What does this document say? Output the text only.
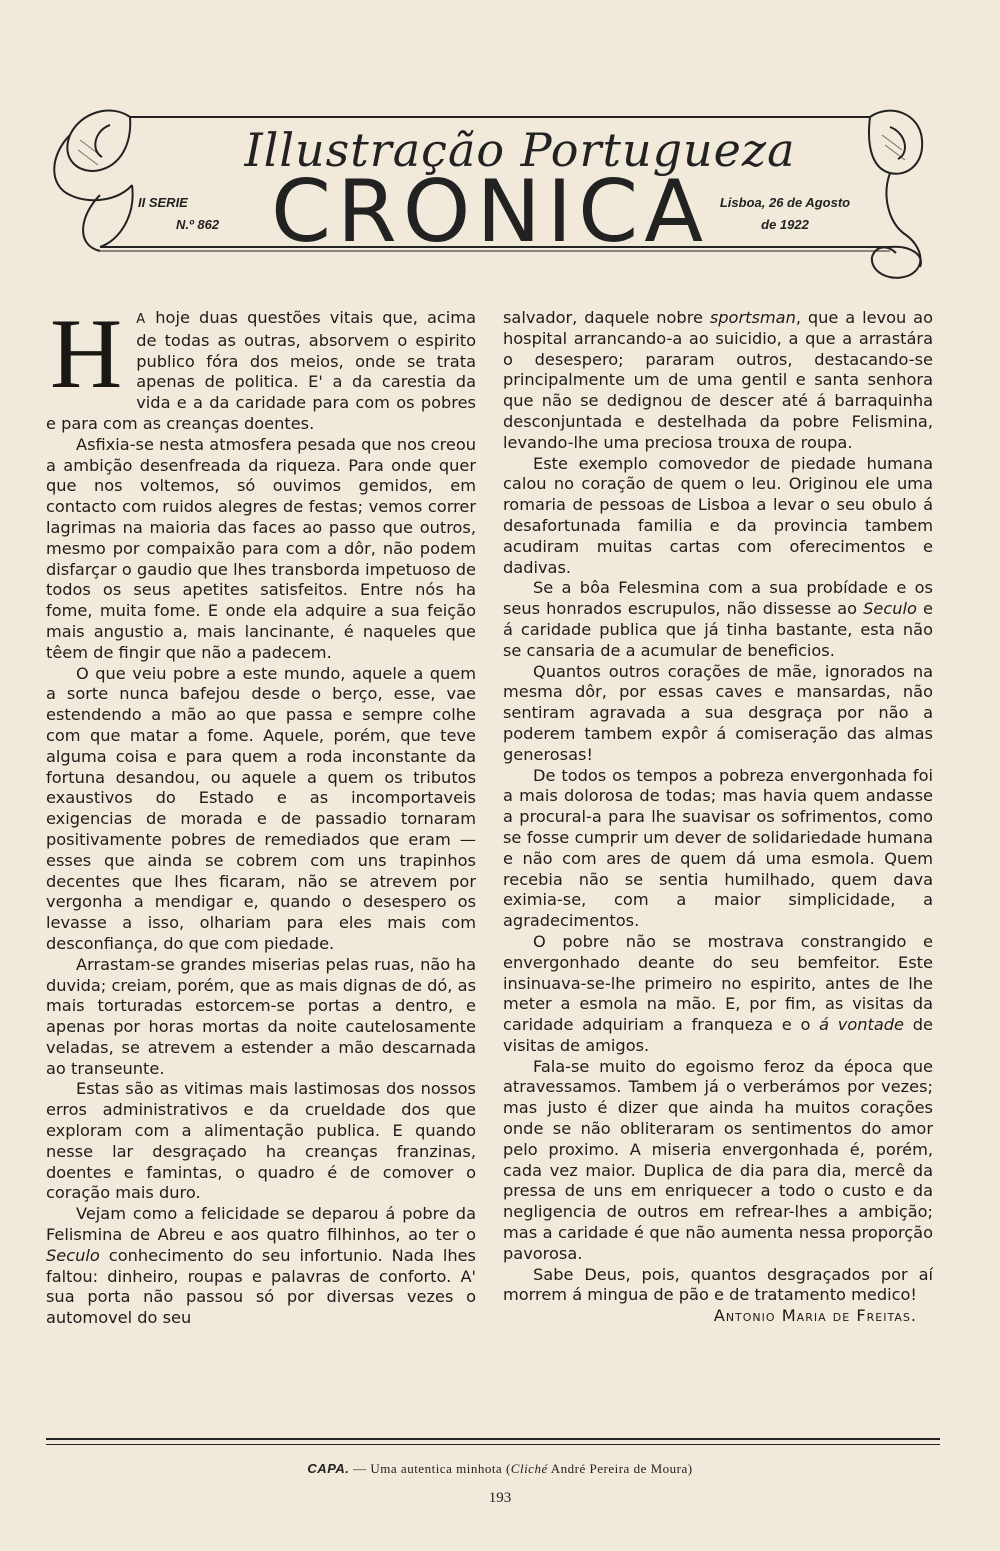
Illustração Portugueza
II SERIE
N.º 862 CRONICA Lisboa, 26 de Agosto
de 1922

H A hoje duas questões vitais que, acima de todas as outras, absorvem o espirito publico fóra dos meios, onde se trata apenas de politica. E' a da carestia da vida e a da caridade para com os pobres e para com as creanças doentes.

Asfixia-se nesta atmosfera pesada que nos creou a ambição desenfreada da riqueza. Para onde quer que nos voltemos, só ouvimos gemidos, em contacto com ruidos alegres de festas; vemos correr lagrimas na maioria das faces ao passo que outros, mesmo por compaixão para com a dôr, não podem disfarçar o gaudio que lhes transborda impetuoso de todos os seus apetites satisfeitos. Entre nós ha fome, muita fome. E onde ela adquire a sua feição mais angustio a, mais lancinante, é naqueles que têem de fingir que não a padecem.

O que veiu pobre a este mundo, aquele a quem a sorte nunca bafejou desde o berço, esse, vae estendendo a mão ao que passa e sempre colhe com que matar a fome. Aquele, porém, que teve alguma coisa e para quem a roda inconstante da fortuna desandou, ou aquele a quem os tributos exaustivos do Estado e as incomportaveis exigencias de morada e de passadio tornaram positivamente pobres de remediados que eram — esses que ainda se cobrem com uns trapinhos decentes que lhes ficaram, não se atrevem por vergonha a mendigar e, quando o desespero os levasse a isso, olhariam para eles mais com desconfiança, do que com piedade.

Arrastam-se grandes miserias pelas ruas, não ha duvida; creiam, porém, que as mais dignas de dó, as mais torturadas estorcem-se portas a dentro, e apenas por horas mortas da noite cautelosamente veladas, se atrevem a estender a mão descarnada ao transeunte.

Estas são as vitimas mais lastimosas dos nossos erros administrativos e da crueldade dos que exploram com a alimentação publica. E quando nesse lar desgraçado ha creanças franzinas, doentes e famintas, o quadro é de comover o coração mais duro.

Vejam como a felicidade se deparou á pobre da Felismina de Abreu e aos quatro filhinhos, ao ter o Seculo conhecimento do seu infortunio. Nada lhes faltou: dinheiro, roupas e palavras de conforto. A' sua porta não passou só por diversas vezes o automovel do seu

salvador, daquele nobre sportsman, que a levou ao hospital arrancando-a ao suicidio, a que a arrastára o desespero; pararam outros, destacando-se principalmente um de uma gentil e santa senhora que não se dedignou de descer até á barraquinha desconjuntada e destelhada da pobre Felismina, levando-lhe uma preciosa trouxa de roupa.

Este exemplo comovedor de piedade humana calou no coração de quem o leu. Originou ele uma romaria de pessoas de Lisboa a levar o seu obulo á desafortunada familia e da provincia tambem acudiram muitas cartas com oferecimentos e dadivas.

Se a bôa Felesmina com a sua probídade e os seus honrados escrupulos, não dissesse ao Seculo e á caridade publica que já tinha bastante, esta não se cansaria de a acumular de beneficios.

Quantos outros corações de mãe, ignorados na mesma dôr, por essas caves e mansardas, não sentiram agravada a sua desgraça por não a poderem tambem expôr á comiseração das almas generosas!

De todos os tempos a pobreza envergonhada foi a mais dolorosa de todas; mas havia quem andasse a procural-a para lhe suavisar os sofrimentos, como se fosse cumprir um dever de solidariedade humana e não com ares de quem dá uma esmola. Quem recebia não se sentia humilhado, quem dava eximia-se, com a maior simplicidade, a agradecimentos.

O pobre não se mostrava constrangido e envergonhado deante do seu bemfeitor. Este insinuava-se-lhe primeiro no espirito, antes de lhe meter a esmola na mão. E, por fim, as visitas da caridade adquiriam a franqueza e o á vontade de visitas de amigos.

Fala-se muito do egoismo feroz da época que atravessamos. Tambem já o verberámos por vezes; mas justo é dizer que ainda ha muitos corações onde se não obliteraram os sentimentos do amor pelo proximo. A miseria envergonhada é, porém, cada vez maior. Duplica de dia para dia, mercê da pressa de uns em enriquecer a todo o custo e da negligencia de outros em refrear-lhes a ambição; mas a caridade é que não aumenta nessa proporção pavorosa.

Sabe Deus, pois, quantos desgraçados por aí morrem á mingua de pão e de tratamento medico!

Antonio Maria de Freitas.

CAPA. — Uma autentica minhota (Cliché André Pereira de Moura)
193
